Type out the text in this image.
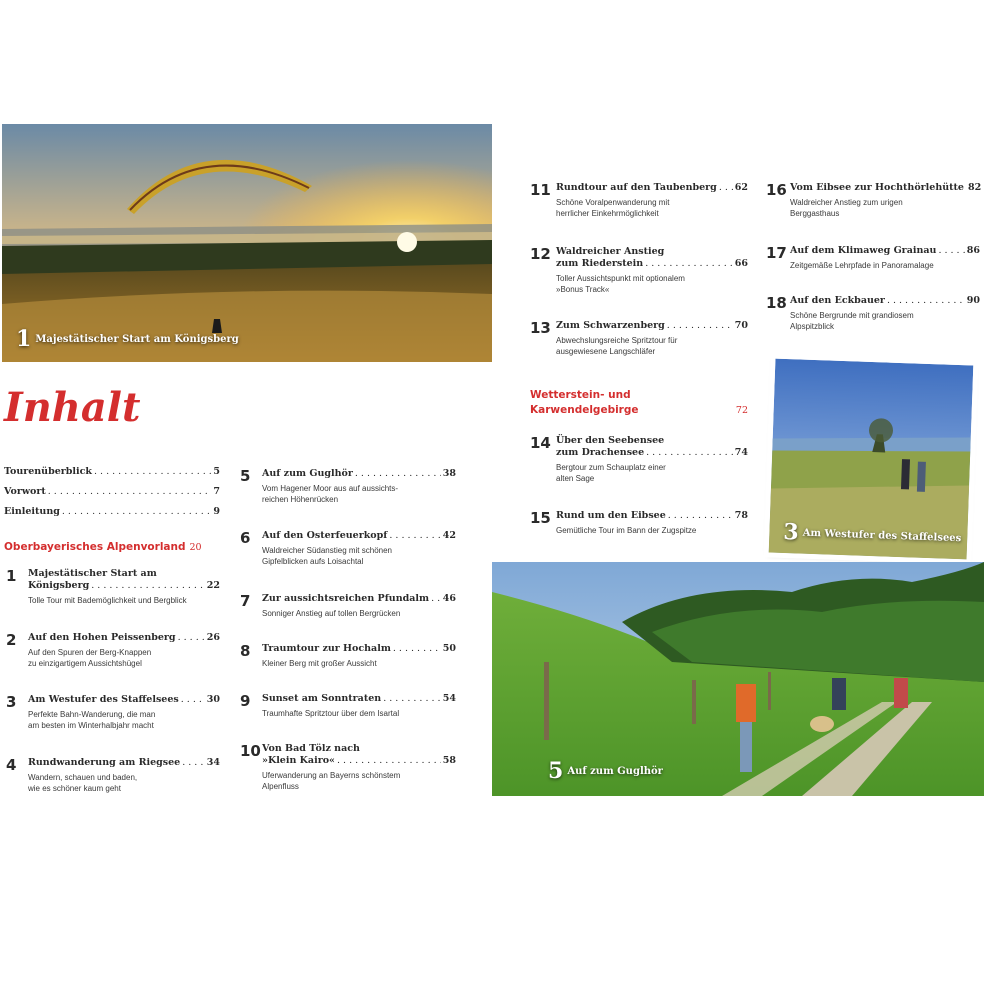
1 Majestätischer Start am Königsberg
3 Am Westufer des Staffelsees
5 Auf zum Guglhör
Inhalt
Tourenüberblick . . .	5
Vorwort . . .	7
Einleitung . . .	9
Oberbayerisches Alpenvorland 20
Wetterstein- und
Karwendelgebirge	72
1	Majestätischer Start am
Königsberg . . .	22
Tolle Tour mit Bademöglichkeit und Bergblick
2	Auf den Hohen Peissenberg . . .	26
Auf den Spuren der Berg-Knappen
zu einzigartigem Aussichtshügel
3	Am Westufer des Staffelsees . . .	30
Perfekte Bahn-Wanderung, die man
am besten im Winterhalbjahr macht
4	Rundwanderung am Riegsee . . .	34
Wandern, schauen und baden,
wie es schöner kaum geht
5	Auf zum Guglhör . . .	38
Vom Hagener Moor aus auf aussichts-
reichen Höhenrücken
6	Auf den Osterfeuerkopf . . .	42
Waldreicher Südanstieg mit schönen
Gipfelblicken aufs Loisachtal
7	Zur aussichtsreichen Pfundalm . . . 46
Sonniger Anstieg auf tollen Bergrücken
8	Traumtour zur Hochalm . . .	50
Kleiner Berg mit großer Aussicht
9	Sunset am Sonntraten . . .	54
Traumhafte Spritztour über dem Isartal
10 Von Bad Tölz nach
»Klein Kairo« . . .	58
Uferwanderung an Bayerns schönstem
Alpenfluss
11 Rundtour auf den Taubenberg . . . 62
Schöne Voralpenwanderung mit
herrlicher Einkehrmöglichkeit
12 Waldreicher Anstieg
zum Riederstein . . .	66
Toller Aussichtspunkt mit optionalem
»Bonus Track«
13 Zum Schwarzenberg . . .	70
Abwechslungsreiche Spritztour für
ausgewiesene Langschläfer
14 Über den Seebensee
zum Drachensee . . .	74
Bergtour zum Schauplatz einer
alten Sage
15 Rund um den Eibsee . . .	78
Gemütliche Tour im Bann der Zugspitze
16 Vom Eibsee zur Hochthörlehütte 82
Waldreicher Anstieg zum urigen
Berggasthaus
17 Auf dem Klimaweg Grainau . . .	86
Zeitgemäße Lehrpfade in Panoramalage
18 Auf den Eckbauer . . .	90
Schöne Bergrunde mit grandiosem
Alpspitzblick
